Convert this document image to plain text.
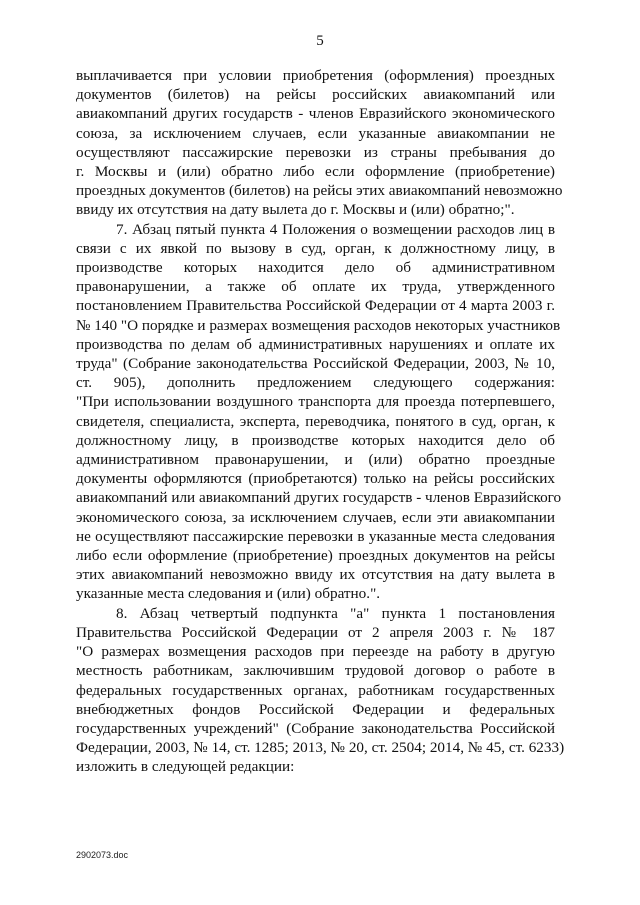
5

выплачивается при условии приобретения (оформления) проездных
документов (билетов) на рейсы российских авиакомпаний или
авиакомпаний других государств - членов Евразийского экономического
союза, за исключением случаев, если указанные авиакомпании не
осуществляют пассажирские перевозки из страны пребывания до
г. Москвы и (или) обратно либо если оформление (приобретение)
проездных документов (билетов) на рейсы этих авиакомпаний невозможно
ввиду их отсутствия на дату вылета до г. Москвы и (или) обратно;".

7. Абзац пятый пункта 4 Положения о возмещении расходов лиц в
связи с их явкой по вызову в суд, орган, к должностному лицу, в
производстве которых находится дело об административном
правонарушении, а также об оплате их труда, утвержденного
постановлением Правительства Российской Федерации от 4 марта 2003 г.
№ 140 "О порядке и размерах возмещения расходов некоторых участников
производства по делам об административных нарушениях и оплате их
труда" (Собрание законодательства Российской Федерации, 2003, № 10,
ст. 905), дополнить предложением следующего содержания:
"При использовании воздушного транспорта для проезда потерпевшего,
свидетеля, специалиста, эксперта, переводчика, понятого в суд, орган, к
должностному лицу, в производстве которых находится дело об
административном правонарушении, и (или) обратно проездные
документы оформляются (приобретаются) только на рейсы российских
авиакомпаний или авиакомпаний других государств - членов Евразийского
экономического союза, за исключением случаев, если эти авиакомпании
не осуществляют пассажирские перевозки в указанные места следования
либо если оформление (приобретение) проездных документов на рейсы
этих авиакомпаний невозможно ввиду их отсутствия на дату вылета в
указанные места следования и (или) обратно.".

8. Абзац четвертый подпункта "а" пункта 1 постановления
Правительства Российской Федерации от 2 апреля 2003 г. № 187
"О размерах возмещения расходов при переезде на работу в другую
местность работникам, заключившим трудовой договор о работе в
федеральных государственных органах, работникам государственных
внебюджетных фондов Российской Федерации и федеральных
государственных учреждений" (Собрание законодательства Российской
Федерации, 2003, № 14, ст. 1285; 2013, № 20, ст. 2504; 2014, № 45, ст. 6233)
изложить в следующей редакции:

2902073.doc
